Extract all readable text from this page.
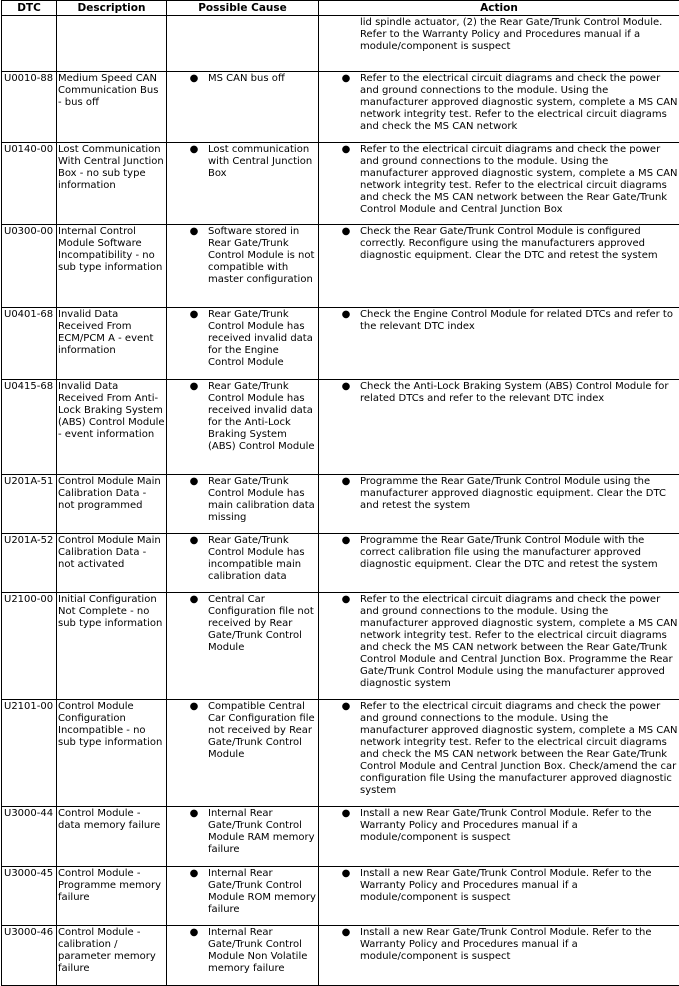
DTC	Description	Possible Cause	Action

			lid spindle actuator, (2) the Rear Gate/Trunk Control Module. Refer to the Warranty Policy and Procedures manual if a module/component is suspect

U0010-88	Medium Speed CAN Communication Bus - bus off	● MS CAN bus off	● Refer to the electrical circuit diagrams and check the power and ground connections to the module. Using the manufacturer approved diagnostic system, complete a MS CAN network integrity test. Refer to the electrical circuit diagrams and check the MS CAN network

U0140-00	Lost Communication With Central Junction Box - no sub type information	● Lost communication with Central Junction Box	● Refer to the electrical circuit diagrams and check the power and ground connections to the module. Using the manufacturer approved diagnostic system, complete a MS CAN network integrity test. Refer to the electrical circuit diagrams and check the MS CAN network between the Rear Gate/Trunk Control Module and Central Junction Box

U0300-00	Internal Control Module Software Incompatibility - no sub type information	● Software stored in Rear Gate/Trunk Control Module is not compatible with master configuration	● Check the Rear Gate/Trunk Control Module is configured correctly. Reconfigure using the manufacturers approved diagnostic equipment. Clear the DTC and retest the system

U0401-68	Invalid Data Received From ECM/PCM A - event information	● Rear Gate/Trunk Control Module has received invalid data for the Engine Control Module	● Check the Engine Control Module for related DTCs and refer to the relevant DTC index

U0415-68	Invalid Data Received From Anti-Lock Braking System (ABS) Control Module - event information	● Rear Gate/Trunk Control Module has received invalid data for the Anti-Lock Braking System (ABS) Control Module	● Check the Anti-Lock Braking System (ABS) Control Module for related DTCs and refer to the relevant DTC index

U201A-51	Control Module Main Calibration Data - not programmed	● Rear Gate/Trunk Control Module has main calibration data missing	● Programme the Rear Gate/Trunk Control Module using the manufacturer approved diagnostic equipment. Clear the DTC and retest the system

U201A-52	Control Module Main Calibration Data - not activated	● Rear Gate/Trunk Control Module has incompatible main calibration data	● Programme the Rear Gate/Trunk Control Module with the correct calibration file using the manufacturer approved diagnostic equipment. Clear the DTC and retest the system

U2100-00	Initial Configuration Not Complete - no sub type information	● Central Car Configuration file not received by Rear Gate/Trunk Control Module	● Refer to the electrical circuit diagrams and check the power and ground connections to the module. Using the manufacturer approved diagnostic system, complete a MS CAN network integrity test. Refer to the electrical circuit diagrams and check the MS CAN network between the Rear Gate/Trunk Control Module and Central Junction Box. Programme the Rear Gate/Trunk Control Module using the manufacturer approved diagnostic system

U2101-00	Control Module Configuration Incompatible - no sub type information	● Compatible Central Car Configuration file not received by Rear Gate/Trunk Control Module	● Refer to the electrical circuit diagrams and check the power and ground connections to the module. Using the manufacturer approved diagnostic system, complete a MS CAN network integrity test. Refer to the electrical circuit diagrams and check the MS CAN network between the Rear Gate/Trunk Control Module and Central Junction Box. Check/amend the car configuration file Using the manufacturer approved diagnostic system

U3000-44	Control Module - data memory failure	● Internal Rear Gate/Trunk Control Module RAM memory failure	● Install a new Rear Gate/Trunk Control Module. Refer to the Warranty Policy and Procedures manual if a module/component is suspect

U3000-45	Control Module - Programme memory failure	● Internal Rear Gate/Trunk Control Module ROM memory failure	● Install a new Rear Gate/Trunk Control Module. Refer to the Warranty Policy and Procedures manual if a module/component is suspect

U3000-46	Control Module - calibration / parameter memory failure	● Internal Rear Gate/Trunk Control Module Non Volatile memory failure	● Install a new Rear Gate/Trunk Control Module. Refer to the Warranty Policy and Procedures manual if a module/component is suspect
